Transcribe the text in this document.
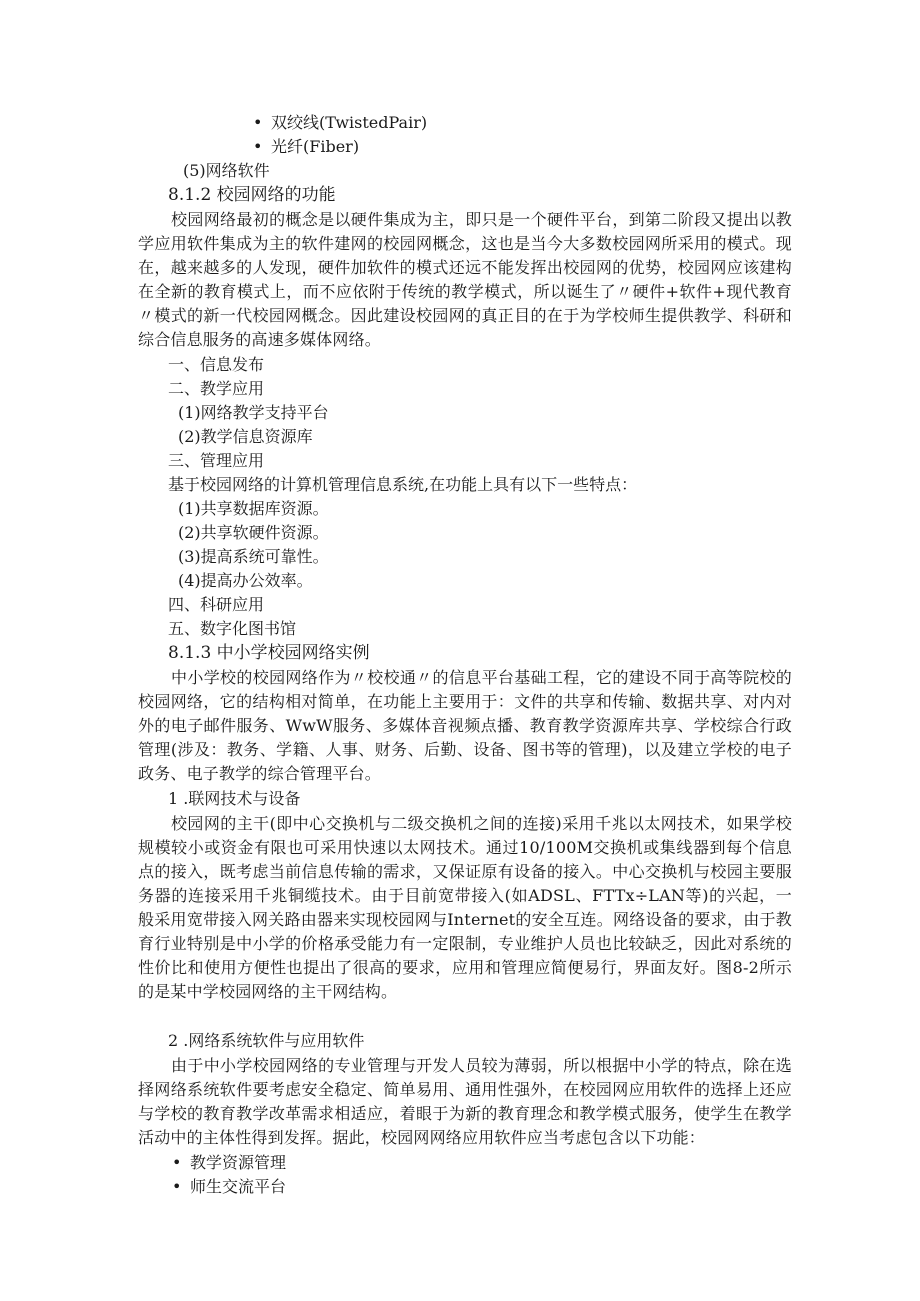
• 双绞线(TwistedPair)
• 光纤(Fiber)
(5)网络软件
8.1.2 校园网络的功能
校园网络最初的概念是以硬件集成为主，即只是一个硬件平台，到第二阶段又提出以教学应用软件集成为主的软件建网的校园网概念，这也是当今大多数校园网所采用的模式。现在，越来越多的人发现，硬件加软件的模式还远不能发挥出校园网的优势，校园网应该建构在全新的教育模式上，而不应依附于传统的教学模式，所以诞生了〃硬件+软件+现代教育〃模式的新一代校园网概念。因此建设校园网的真正目的在于为学校师生提供教学、科研和综合信息服务的高速多媒体网络。
一、信息发布
二、教学应用
(1)网络教学支持平台
(2)教学信息资源库
三、管理应用
基于校园网络的计算机管理信息系统,在功能上具有以下一些特点：
(1)共享数据库资源。
(2)共享软硬件资源。
(3)提高系统可靠性。
(4)提高办公效率。
四、科研应用
五、数字化图书馆
8.1.3 中小学校园网络实例
中小学校的校园网络作为〃校校通〃的信息平台基础工程，它的建设不同于高等院校的校园网络，它的结构相对简单，在功能上主要用于：文件的共享和传输、数据共享、对内对外的电子邮件服务、WwW服务、多媒体音视频点播、教育教学资源库共享、学校综合行政管理(涉及：教务、学籍、人事、财务、后勤、设备、图书等的管理)，以及建立学校的电子政务、电子教学的综合管理平台。
1 .联网技术与设备
校园网的主干(即中心交换机与二级交换机之间的连接)采用千兆以太网技术，如果学校规模较小或资金有限也可采用快速以太网技术。通过10/100M交换机或集线器到每个信息点的接入，既考虑当前信息传输的需求，又保证原有设备的接入。中心交换机与校园主要服务器的连接采用千兆铜缆技术。由于目前宽带接入(如ADSL、FTTx÷LAN等)的兴起，一般采用宽带接入网关路由器来实现校园网与Internet的安全互连。网络设备的要求，由于教育行业特别是中小学的价格承受能力有一定限制，专业维护人员也比较缺乏，因此对系统的性价比和使用方便性也提出了很高的要求，应用和管理应简便易行，界面友好。图8-2所示的是某中学校园网络的主干网结构。
2 .网络系统软件与应用软件
由于中小学校园网络的专业管理与开发人员较为薄弱，所以根据中小学的特点，除在选择网络系统软件要考虑安全稳定、简单易用、通用性强外，在校园网应用软件的选择上还应与学校的教育教学改革需求相适应，着眼于为新的教育理念和教学模式服务，使学生在教学活动中的主体性得到发挥。据此，校园网网络应用软件应当考虑包含以下功能：
• 教学资源管理
• 师生交流平台
